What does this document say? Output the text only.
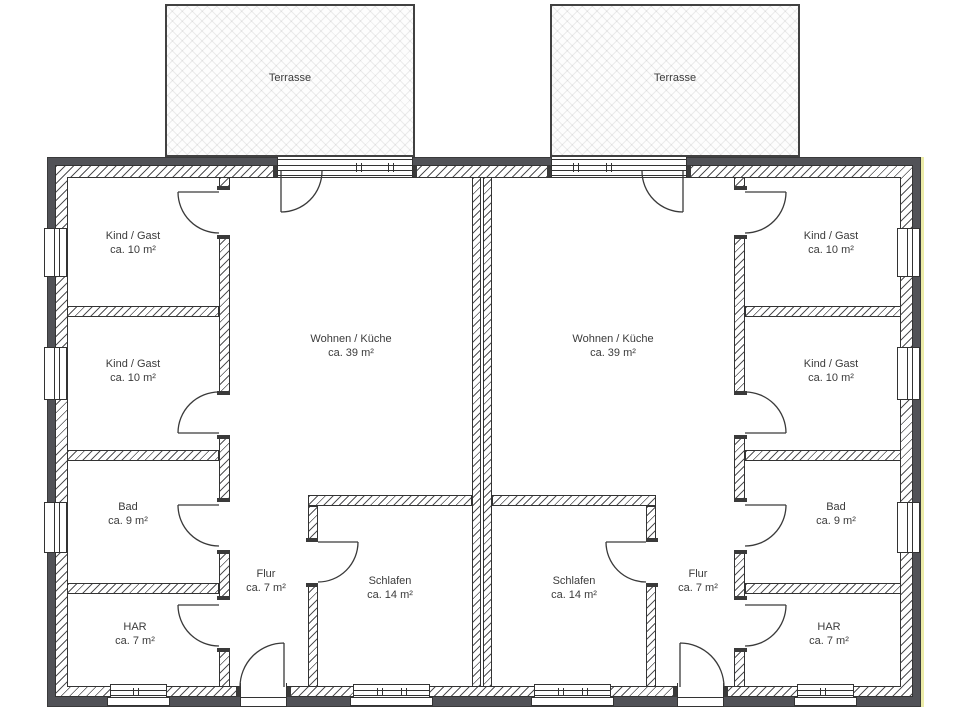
Terrasse	Terrasse
Kind / Gast
ca. 10 m²
Kind / Gast
ca. 10 m²
Bad
ca. 9 m²
HAR
ca. 7 m²
Flur
ca. 7 m²
Schlafen
ca. 14 m²
Wohnen / Küche
ca. 39 m²
Kind / Gast
ca. 10 m²
Kind / Gast
ca. 10 m²
Bad
ca. 9 m²
HAR
ca. 7 m²
Flur
ca. 7 m²
Schlafen
ca. 14 m²
Wohnen / Küche
ca. 39 m²
